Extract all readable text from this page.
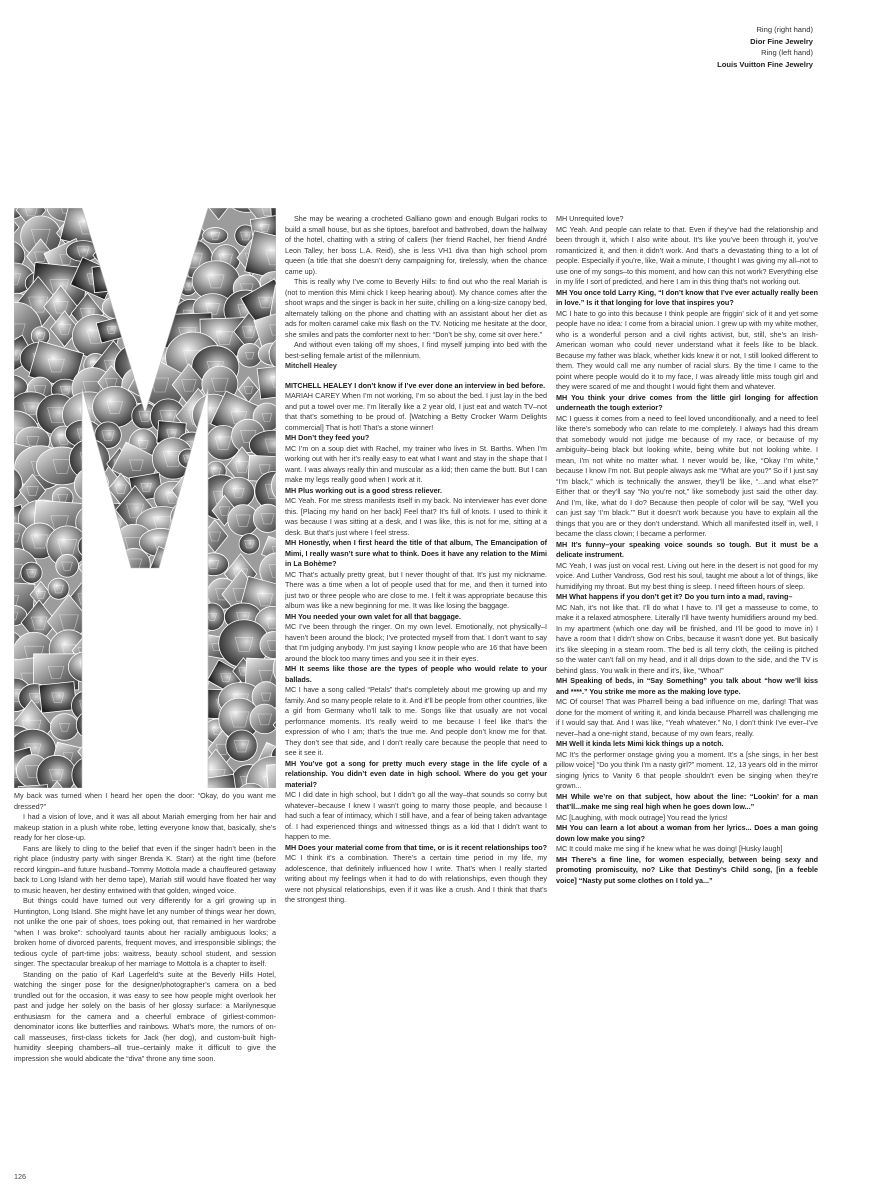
Ring (right hand)
Dior Fine Jewelry
Ring (left hand)
Louis Vuitton Fine Jewelry

My back was turned when I heard her open the door: “Okay, do you want me dressed?”

I had a vision of love, and it was all about Mariah emerging from her hair and makeup station in a plush white robe, letting everyone know that, basically, she’s ready for her close-up.

Fans are likely to cling to the belief that even if the singer hadn’t been in the right place (industry party with singer Brenda K. Starr) at the right time (before record kingpin–and future husband–Tommy Mottola made a chauffeured getaway back to Long Island with her demo tape), Mariah still would have floated her way to music heaven, her destiny entwined with that golden, winged voice.

But things could have turned out very differently for a girl growing up in Huntington, Long Island. She might have let any number of things wear her down, not unlike the one pair of shoes, toes poking out, that remained in her wardrobe “when I was broke”: schoolyard taunts about her racially ambiguous looks; a broken home of divorced parents, frequent moves, and irresponsible siblings; the tedious cycle of part-time jobs: waitress, beauty school student, and session singer. The spectacular breakup of her marriage to Mottola is a chapter to itself.

Standing on the patio of Karl Lagerfeld’s suite at the Beverly Hills Hotel, watching the singer pose for the designer/photographer’s camera on a bed trundled out for the occasion, it was easy to see how people might overlook her past and judge her solely on the basis of her glossy surface: a Marilynesque enthusiasm for the camera and a cheerful embrace of girliest-common-denominator icons like butterflies and rainbows. What’s more, the rumors of on-call masseuses, first-class tickets for Jack (her dog), and custom-built high-humidity sleeping chambers–all true–certainly make it difficult to give the impression she would abdicate the “diva” throne any time soon.

She may be wearing a crocheted Galliano gown and enough Bulgari rocks to build a small house, but as she tiptoes, barefoot and bathrobed, down the hallway of the hotel, chatting with a string of callers (her friend Rachel, her friend André Leon Talley, her boss L.A. Reid), she is less VH1 diva than high school prom queen (a title that she doesn’t deny campaigning for, tirelessly, when the chance came up).

This is really why I’ve come to Beverly Hills: to find out who the real Mariah is (not to mention this Mimi chick I keep hearing about). My chance comes after the shoot wraps and the singer is back in her suite, chilling on a king-size canopy bed, alternately talking on the phone and chatting with an assistant about her diet as ads for molten caramel cake mix flash on the TV. Noticing me hesitate at the door, she smiles and pats the comforter next to her: “Don’t be shy, come sit over here.”

And without even taking off my shoes, I find myself jumping into bed with the best-selling female artist of the millennium.

Mitchell Healey

MITCHELL HEALEY I don’t know if I’ve ever done an interview in bed before.

MARIAH CAREY When I’m not working, I’m so about the bed. I just lay in the bed and put a towel over me. I’m literally like a 2 year old, I just eat and watch TV–not that that’s something to be proud of. [Watching a Betty Crocker Warm Delights commercial] That is hot! That’s a stone winner!

MH Don’t they feed you?

MC I’m on a soup diet with Rachel, my trainer who lives in St. Barths. When I’m working out with her it’s really easy to eat what I want and stay in the shape that I want. I was always really thin and muscular as a kid; then came the butt. But I can make my legs really good when I work at it.

MH Plus working out is a good stress reliever.

MC Yeah. For me stress manifests itself in my back. No interviewer has ever done this. [Placing my hand on her back] Feel that? It’s full of knots. I used to think it was because I was sitting at a desk, and I was like, this is not for me, sitting at a desk. But that’s just where I feel stress.

MH Honestly, when I first heard the title of that album, The Emancipation of Mimi, I really wasn’t sure what to think. Does it have any relation to the Mimi in La Bohème?

MC That’s actually pretty great, but I never thought of that. It’s just my nickname. There was a time when a lot of people used that for me, and then it turned into just two or three people who are close to me. I felt it was appropriate because this album was like a new beginning for me. It was like losing the baggage.

MH You needed your own valet for all that baggage.

MC I’ve been through the ringer. On my own level. Emotionally, not physically–I haven’t been around the block; I’ve protected myself from that. I don’t want to say that I’m judging anybody. I’m just saying I know people who are 16 that have been around the block too many times and you see it in their eyes.

MH It seems like those are the types of people who would relate to your ballads.

MC I have a song called “Petals” that’s completely about me growing up and my family. And so many people relate to it. And it’ll be people from other countries, like a girl from Germany who’ll talk to me. Songs like that usually are not vocal performance moments. It’s really weird to me because I feel like that’s the expression of who I am; that’s the true me. And people don’t know me for that. They don’t see that side, and I don’t really care because the people that need to see it see it.

MH You’ve got a song for pretty much every stage in the life cycle of a relationship. You didn’t even date in high school. Where do you get your material?

MC I did date in high school, but I didn’t go all the way–that sounds so corny but whatever–because I knew I wasn’t going to marry those people, and because I had such a fear of intimacy, which I still have, and a fear of being taken advantage of. I had experienced things and witnessed things as a kid that I didn’t want to happen to me.

MH Does your material come from that time, or is it recent relationships too?

MC I think it’s a combination. There’s a certain time period in my life, my adolescence, that definitely influenced how I write. That’s when I really started writing about my feelings when it had to do with relationships, even though they were not physical relationships, even if it was like a crush. And I think that that’s the strongest thing.

MH Unrequited love?

MC Yeah. And people can relate to that. Even if they’ve had the relationship and been through it, which I also write about. It’s like you’ve been through it, you’ve romanticized it, and then it didn’t work. And that’s a devastating thing to a lot of people. Especially if you’re, like, Wait a minute, I thought I was giving my all–not to use one of my songs–to this moment, and how can this not work? Everything else in my life I sort of predicted, and here I am in this thing that’s not working out.

MH You once told Larry King, “I don’t know that I’ve ever actually really been in love.” Is it that longing for love that inspires you?

MC I hate to go into this because I think people are friggin’ sick of it and yet some people have no idea: I come from a biracial union. I grew up with my white mother, who is a wonderful person and a civil rights activist, but, still, she’s an Irish-American woman who could never understand what it feels like to be black. Because my father was black, whether kids knew it or not, I still looked different to them. They would call me any number of racial slurs. By the time I came to the point where people would do it to my face, I was already little miss tough girl and they were scared of me and thought I would fight them and whatever.

MH You think your drive comes from the little girl longing for affection underneath the tough exterior?

MC I guess it comes from a need to feel loved unconditionally, and a need to feel like there’s somebody who can relate to me completely. I always had this dream that somebody would not judge me because of my race, or because of my ambiguity–being black but looking white, being white but not looking white. I mean, I’m not white no matter what. I never would be, like, “Okay I’m white,” because I know I’m not. But people always ask me “What are you?” So if I just say “I’m black,” which is technically the answer, they’ll be like, “...and what else?” Either that or they’ll say “No you’re not,” like somebody just said the other day. And I’m, like, what do I do? Because then people of color will be say, “Well you can just say ‘I’m black.’” But it doesn’t work because you have to explain all the things that you are or they don’t understand. Which all manifested itself in, well, I became the class clown; I became a performer.

MH It’s funny–your speaking voice sounds so tough. But it must be a delicate instrument.

MC Yeah, I was just on vocal rest. Living out here in the desert is not good for my voice. And Luther Vandross, God rest his soul, taught me about a lot of things, like humidifying my throat. But my best thing is sleep. I need fifteen hours of sleep.

MH What happens if you don’t get it? Do you turn into a mad, raving–

MC Nah, it’s not like that. I’ll do what I have to. I’ll get a masseuse to come, to make it a relaxed atmosphere. Literally I’ll have twenty humidifiers around my bed. In my apartment (which one day will be finished, and I’ll be good to move in) I have a room that I didn’t show on Cribs, because it wasn’t done yet. But basically it’s like sleeping in a steam room. The bed is all terry cloth, the ceiling is pitched so the water can’t fall on my head, and it all drips down to the side, and the TV is behind glass. You walk in there and it’s, like, “Whoa!”

MH Speaking of beds, in “Say Something” you talk about “how we’ll kiss and ****.” You strike me more as the making love type.

MC Of course! That was Pharrell being a bad influence on me, darling! That was done for the moment of writing it, and kinda because Pharrell was challenging me if I would say that. And I was like, “Yeah whatever.” No, I don’t think I’ve ever–I’ve never–had a one-night stand, because of my own fears, really.

MH Well it kinda lets Mimi kick things up a notch.

MC It’s the performer onstage giving you a moment. It’s a [she sings, in her best pillow voice] “Do you think I’m a nasty girl?” moment. 12, 13 years old in the mirror singing lyrics to Vanity 6 that people shouldn’t even be singing when they’re grown...

MH While we’re on that subject, how about the line: “Lookin’ for a man that’ll...make me sing real high when he goes down low...”

MC [Laughing, with mock outrage] You read the lyrics!

MH You can learn a lot about a woman from her lyrics... Does a man going down low make you sing?

MC It could make me sing if he knew what he was doing! [Husky laugh]

MH There’s a fine line, for women especially, between being sexy and promoting promiscuity, no? Like that Destiny’s Child song, [in a feeble voice] “Nasty put some clothes on I told ya...”

126
